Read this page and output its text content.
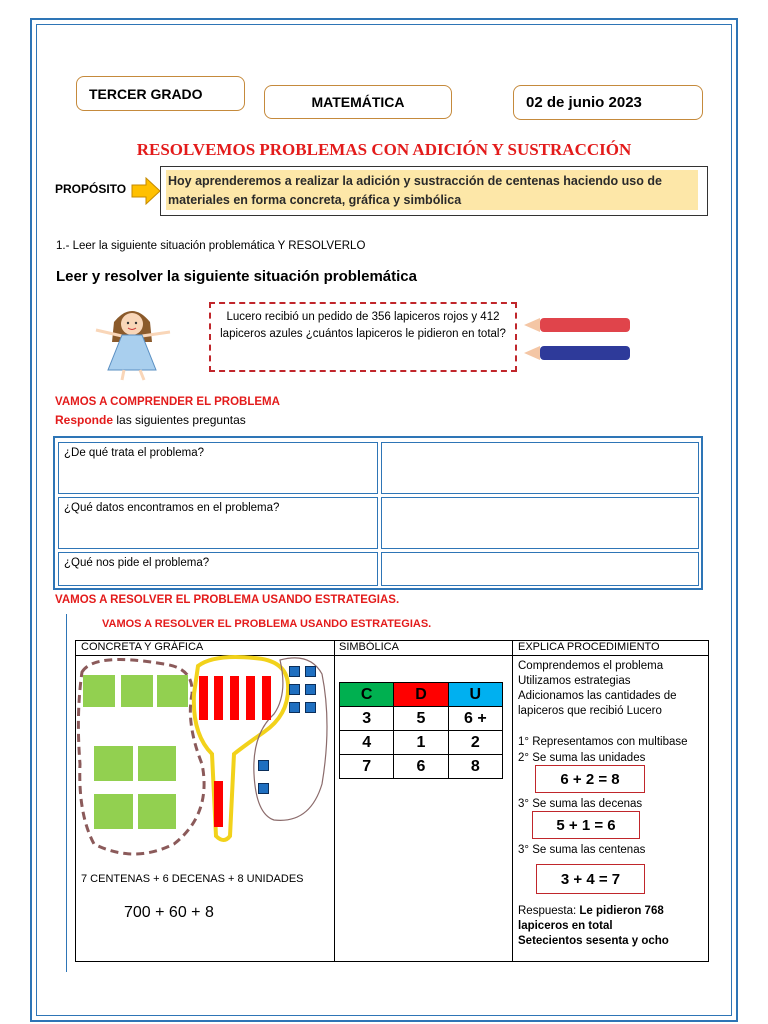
TERCER GRADO
MATEMÁTICA	02 de junio 2023
RESOLVEMOS PROBLEMAS CON ADICIÓN Y SUSTRACCIÓN
PROPÓSITO
Hoy aprenderemos a realizar la adición y sustracción de centenas haciendo uso de materiales en forma concreta, gráfica y simbólica
1.- Leer la siguiente situación problemática Y RESOLVERLO
Leer y resolver la siguiente situación problemática
Lucero recibió un pedido de 356 lapiceros rojos y 412 lapiceros azules ¿cuántos lapiceros le pidieron en total?
VAMOS A COMPRENDER EL PROBLEMA
Responde las siguientes preguntas
¿De qué trata el problema?
¿Qué datos encontramos en el problema?
¿Qué nos pide el problema?
VAMOS A RESOLVER EL PROBLEMA USANDO ESTRATEGIAS.
VAMOS A RESOLVER EL PROBLEMA USANDO ESTRATEGIAS.
CONCRETA Y GRÁFICA	SIMBÓLICA	EXPLICA PROCEDIMIENTO
7 CENTENAS + 6 DECENAS + 8 UNIDADES
700 + 60 + 8
C	D	U
3	5	6 +
4	1	2
7	6	8
Comprendemos el problema
Utilizamos estrategias
Adicionamos las cantidades de
lapiceros que recibió Lucero
1° Representamos con multibase
2° Se suma las unidades
6 + 2 = 8
3° Se suma las decenas
5 + 1 = 6
3° Se suma las centenas
3 + 4 = 7
Respuesta: Le pidieron 768
lapiceros en total
Setecientos sesenta y ocho
